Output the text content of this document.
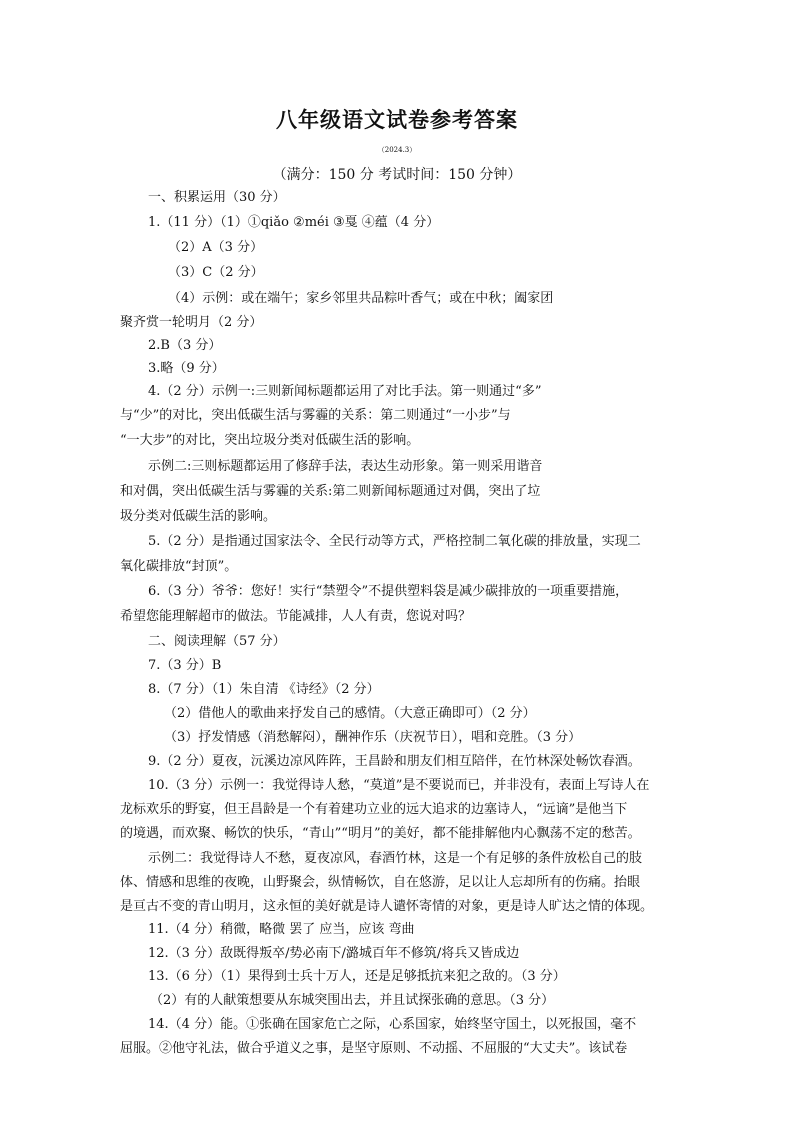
八年级语文试卷参考答案
（2024.3）
（满分：150 分 考试时间：150 分钟）
一、积累运用（30 分）
1.（11 分）（1）①qiǎo ②méi ③戛 ④蕴（4 分）
（2）A（3 分）
（3）C（2 分）
（4）示例：或在端午；家乡邻里共品粽叶香气；或在中秋；阖家团
聚齐赏一轮明月（2 分）
2.B（3 分）
3.略（9 分）
4.（2 分）示例一:三则新闻标题都运用了对比手法。第一则通过“多”
与“少”的对比，突出低碳生活与雾霾的关系：第二则通过“一小步”与
“一大步”的对比，突出垃圾分类对低碳生活的影响。
示例二:三则标题都运用了修辞手法，表达生动形象。第一则采用谐音
和对偶，突出低碳生活与雾霾的关系:第二则新闻标题通过对偶，突出了垃
圾分类对低碳生活的影响。
5.（2 分）是指通过国家法令、全民行动等方式，严格控制二氧化碳的排放量，实现二
氧化碳排放“封顶”。
6.（3 分）爷爷：您好！实行“禁塑令”不提供塑料袋是减少碳排放的一项重要措施，
希望您能理解超市的做法。节能减排，人人有责，您说对吗？
二、阅读理解（57 分）
7.（3 分）B
8.（7 分）（1）朱自清 《诗经》（2 分）
（2）借他人的歌曲来抒发自己的感情。（大意正确即可）（2 分）
（3）抒发情感（消愁解闷），酬神作乐（庆祝节日），唱和竞胜。（3 分）
9.（2 分）夏夜，沅溪边凉风阵阵，王昌龄和朋友们相互陪伴，在竹林深处畅饮春酒。
10.（3 分）示例一：我觉得诗人愁，“莫道”是不要说而已，并非没有，表面上写诗人在
龙标欢乐的野宴，但王昌龄是一个有着建功立业的远大追求的边塞诗人，“远谪”是他当下
的境遇，而欢聚、畅饮的快乐，“青山”“明月”的美好，都不能排解他内心飘荡不定的愁苦。
示例二：我觉得诗人不愁，夏夜凉风，春酒竹林，这是一个有足够的条件放松自己的肢
体、情感和思维的夜晚，山野聚会，纵情畅饮，自在悠游，足以让人忘却所有的伤痛。抬眼
是亘古不变的青山明月，这永恒的美好就是诗人谴怀寄情的对象，更是诗人旷达之情的体现。
11.（4 分）稍微，略微 罢了 应当，应该 弯曲
12.（3 分）敌既得叛卒/势必南下/潞城百年不修筑/将兵又皆成边
13.（6 分）（1）果得到士兵十万人，还是足够抵抗来犯之敌的。（3 分）
（2）有的人献策想要从东城突围出去，并且试探张确的意思。（3 分）
14.（4 分）能。①张确在国家危亡之际，心系国家，始终坚守国土，以死报国，毫不
屈服。②他守礼法，做合乎道义之事，是坚守原则、不动摇、不屈服的“大丈夫”。该试卷
